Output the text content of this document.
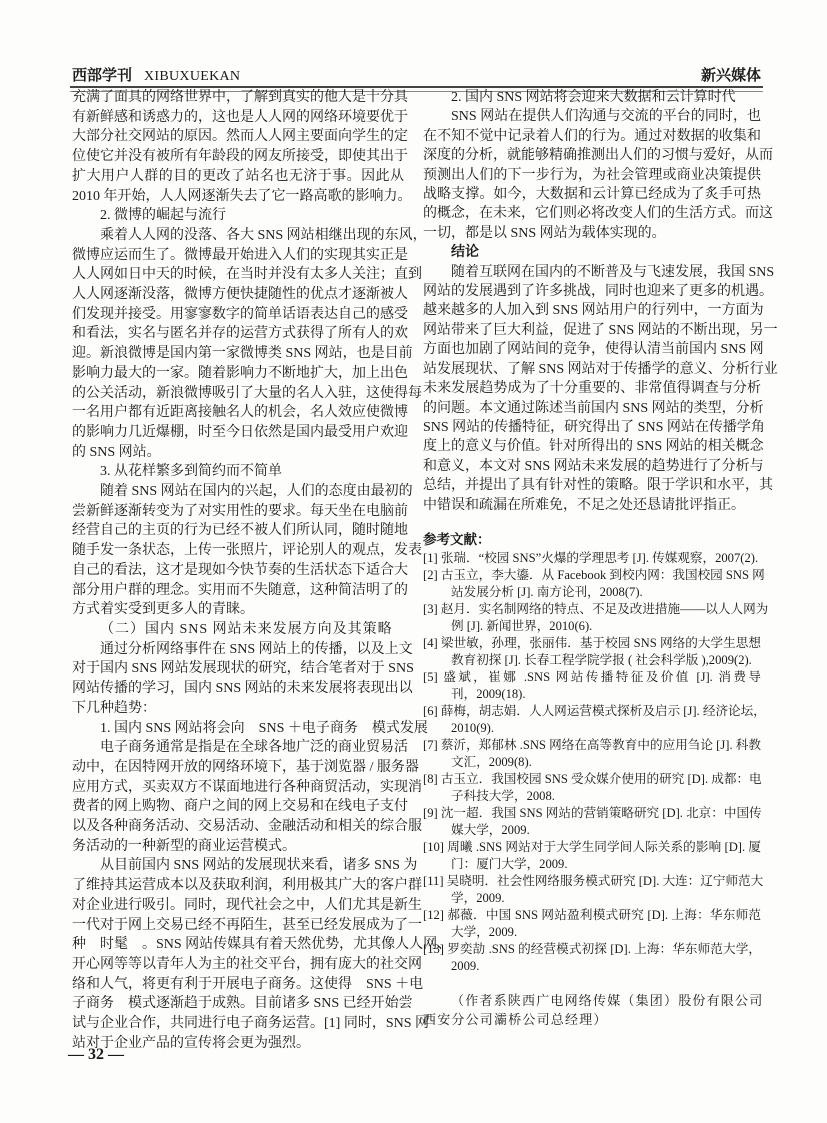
西部学刊 XIBUXUEKAN	新兴媒体
充满了面具的网络世界中，了解到真实的他人是十分具
有新鲜感和诱惑力的，这也是人人网的网络环境要优于
大部分社交网站的原因。然而人人网主要面向学生的定
位使它并没有被所有年龄段的网友所接受，即使其出于
扩大用户人群的目的更改了站名也无济于事。因此从
2010 年开始，人人网逐渐失去了它一路高歌的影响力。
2. 微博的崛起与流行
乘着人人网的没落、各大 SNS 网站相继出现的东风，
微博应运而生了。微博最开始进入人们的实现其实正是
人人网如日中天的时候，在当时并没有太多人关注；直到
人人网逐渐没落，微博方便快捷随性的优点才逐渐被人
们发现并接受。用寥寥数字的简单话语表达自己的感受
和看法，实名与匿名并存的运营方式获得了所有人的欢
迎。新浪微博是国内第一家微博类 SNS 网站，也是目前
影响力最大的一家。随着影响力不断地扩大，加上出色
的公关活动，新浪微博吸引了大量的名人入驻，这使得每
一名用户都有近距离接触名人的机会，名人效应使微博
的影响力几近爆棚，时至今日依然是国内最受用户欢迎
的 SNS 网站。
3. 从花样繁多到简约而不简单
随着 SNS 网站在国内的兴起，人们的态度由最初的
尝新鲜逐渐转变为了对实用性的要求。每天坐在电脑前
经营自己的主页的行为已经不被人们所认同，随时随地
随手发一条状态，上传一张照片，评论别人的观点，发表
自己的看法，这才是现如今快节奏的生活状态下适合大
部分用户群的理念。实用而不失随意，这种简洁明了的
方式着实受到更多人的青睐。
（二）国内 SNS 网站未来发展方向及其策略
通过分析网络事件在 SNS 网站上的传播，以及上文
对于国内 SNS 网站发展现状的研究，结合笔者对于 SNS
网站传播的学习，国内 SNS 网站的未来发展将表现出以
下几种趋势：
1. 国内 SNS 网站将会向　SNS ＋电子商务　模式发展
电子商务通常是指是在全球各地广泛的商业贸易活
动中，在因特网开放的网络环境下，基于浏览器 / 服务器
应用方式，买卖双方不谋面地进行各种商贸活动，实现消
费者的网上购物、商户之间的网上交易和在线电子支付
以及各种商务活动、交易活动、金融活动和相关的综合服
务活动的一种新型的商业运营模式。
从目前国内 SNS 网站的发展现状来看，诸多 SNS 为
了维持其运营成本以及获取利润，利用极其广大的客户群
对企业进行吸引。同时，现代社会之中，人们尤其是新生
一代对于网上交易已经不再陌生，甚至已经发展成为了一
种　时髦　。SNS 网站传媒具有着天然优势，尤其像人人网、
开心网等等以青年人为主的社交平台，拥有庞大的社交网
络和人气，将更有利于开展电子商务。这使得　SNS ＋电
子商务　模式逐渐趋于成熟。目前诸多 SNS 已经开始尝
试与企业合作，共同进行电子商务运营。[1] 同时，SNS 网
站对于企业产品的宣传将会更为强烈。
2. 国内 SNS 网站将会迎来大数据和云计算时代
SNS 网站在提供人们沟通与交流的平台的同时，也
在不知不觉中记录着人们的行为。通过对数据的收集和
深度的分析，就能够精确推测出人们的习惯与爱好，从而
预测出人们的下一步行为，为社会管理或商业决策提供
战略支撑。如今，大数据和云计算已经成为了炙手可热
的概念，在未来，它们则必将改变人们的生活方式。而这
一切，都是以 SNS 网站为载体实现的。
结论
随着互联网在国内的不断普及与飞速发展，我国 SNS
网站的发展遇到了许多挑战，同时也迎来了更多的机遇。
越来越多的人加入到 SNS 网站用户的行列中，一方面为
网站带来了巨大利益，促进了 SNS 网站的不断出现，另一
方面也加剧了网站间的竞争，使得认清当前国内 SNS 网
站发展现状、了解 SNS 网站对于传播学的意义、分析行业
未来发展趋势成为了十分重要的、非常值得调查与分析
的问题。本文通过陈述当前国内 SNS 网站的类型，分析
SNS 网站的传播特征，研究得出了 SNS 网站在传播学角
度上的意义与价值。针对所得出的 SNS 网站的相关概念
和意义，本文对 SNS 网站未来发展的趋势进行了分析与
总结，并提出了具有针对性的策略。限于学识和水平，其
中错误和疏漏在所难免，不足之处还恳请批评指正。
参考文献：
[1] 张瑞．“校园 SNS”火爆的学理思考 [J]. 传媒观察，2007(2).
[2] 古玉立，李大鎏．从 Facebook 到校内网：我国校园 SNS 网
站发展分析 [J]. 南方论刊，2008(7).
[3] 赵月．实名制网络的特点、不足及改进措施——以人人网为
例 [J]. 新闻世界，2010(6).
[4] 梁世敏，孙理，张丽伟．基于校园 SNS 网络的大学生思想
教育初探 [J]. 长春工程学院学报 ( 社会科学版 ),2009(2).
[5] 盛斌，崔娜 .SNS 网站传播特征及价值 [J]. 消费导
刊，2009(18).
[6] 薛梅，胡志娟．人人网运营模式探析及启示 [J]. 经济论坛，
2010(9).
[7] 蔡沂，郑郁林 .SNS 网络在高等教育中的应用刍论 [J]. 科教
文汇，2009(8).
[8] 古玉立．我国校园 SNS 受众媒介使用的研究 [D]. 成都：电
子科技大学，2008.
[9] 沈一超．我国 SNS 网站的营销策略研究 [D]. 北京：中国传
媒大学，2009.
[10] 周曦 .SNS 网站对于大学生同学间人际关系的影响 [D]. 厦
门：厦门大学，2009.
[11] 吴晓明．社会性网络服务模式研究 [D]. 大连：辽宁师范大
学，2009.
[12] 郝薇．中国 SNS 网站盈利模式研究 [D]. 上海：华东师范
大学，2009.
[13] 罗奕劼 .SNS 的经营模式初探 [D]. 上海：华东师范大学，
2009.
（作者系陕西广电网络传媒（集团）股份有限公司
西安分公司灞桥公司总经理）
— 32 —
